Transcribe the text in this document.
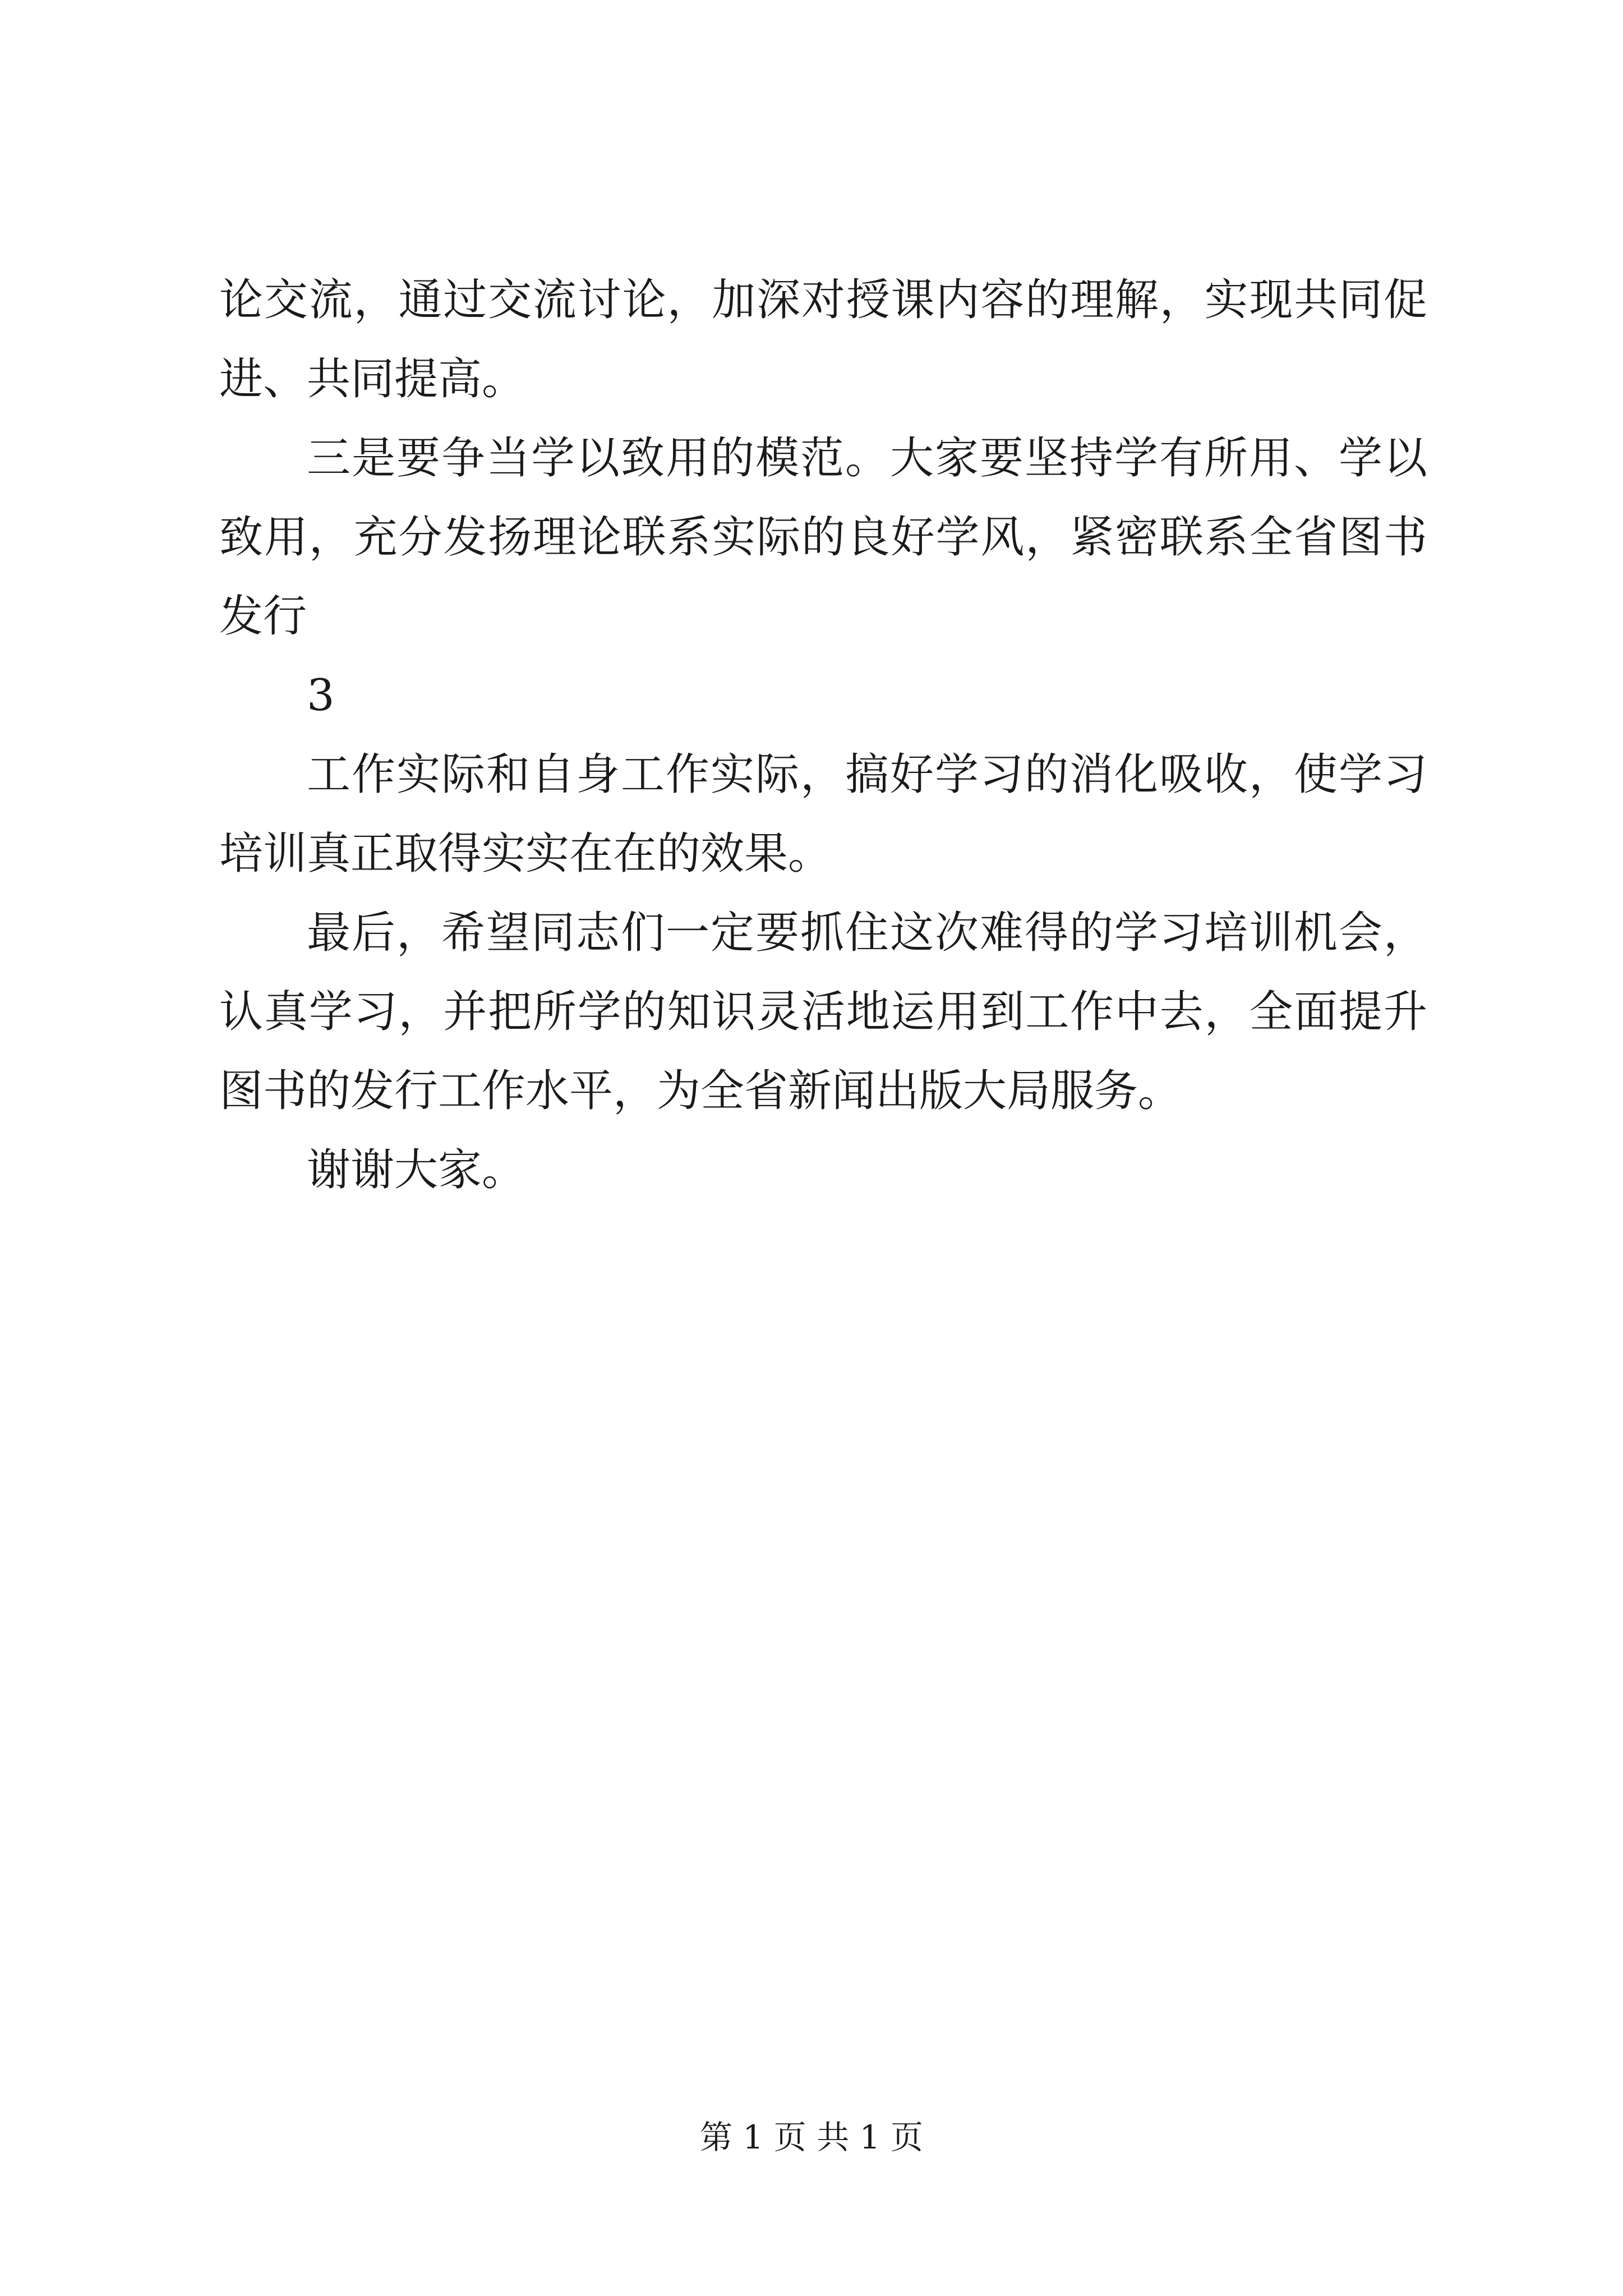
论交流，通过交流讨论，加深对授课内容的理解，实现共同促进、共同提高。

三是要争当学以致用的模范。大家要坚持学有所用、学以致用，充分发扬理论联系实际的良好学风，紧密联系全省图书发行

3

工作实际和自身工作实际，搞好学习的消化吸收，使学习培训真正取得实实在在的效果。

最后，希望同志们一定要抓住这次难得的学习培训机会，认真学习，并把所学的知识灵活地运用到工作中去，全面提升图书的发行工作水平，为全省新闻出版大局服务。

谢谢大家。

第 1 页 共 1 页
